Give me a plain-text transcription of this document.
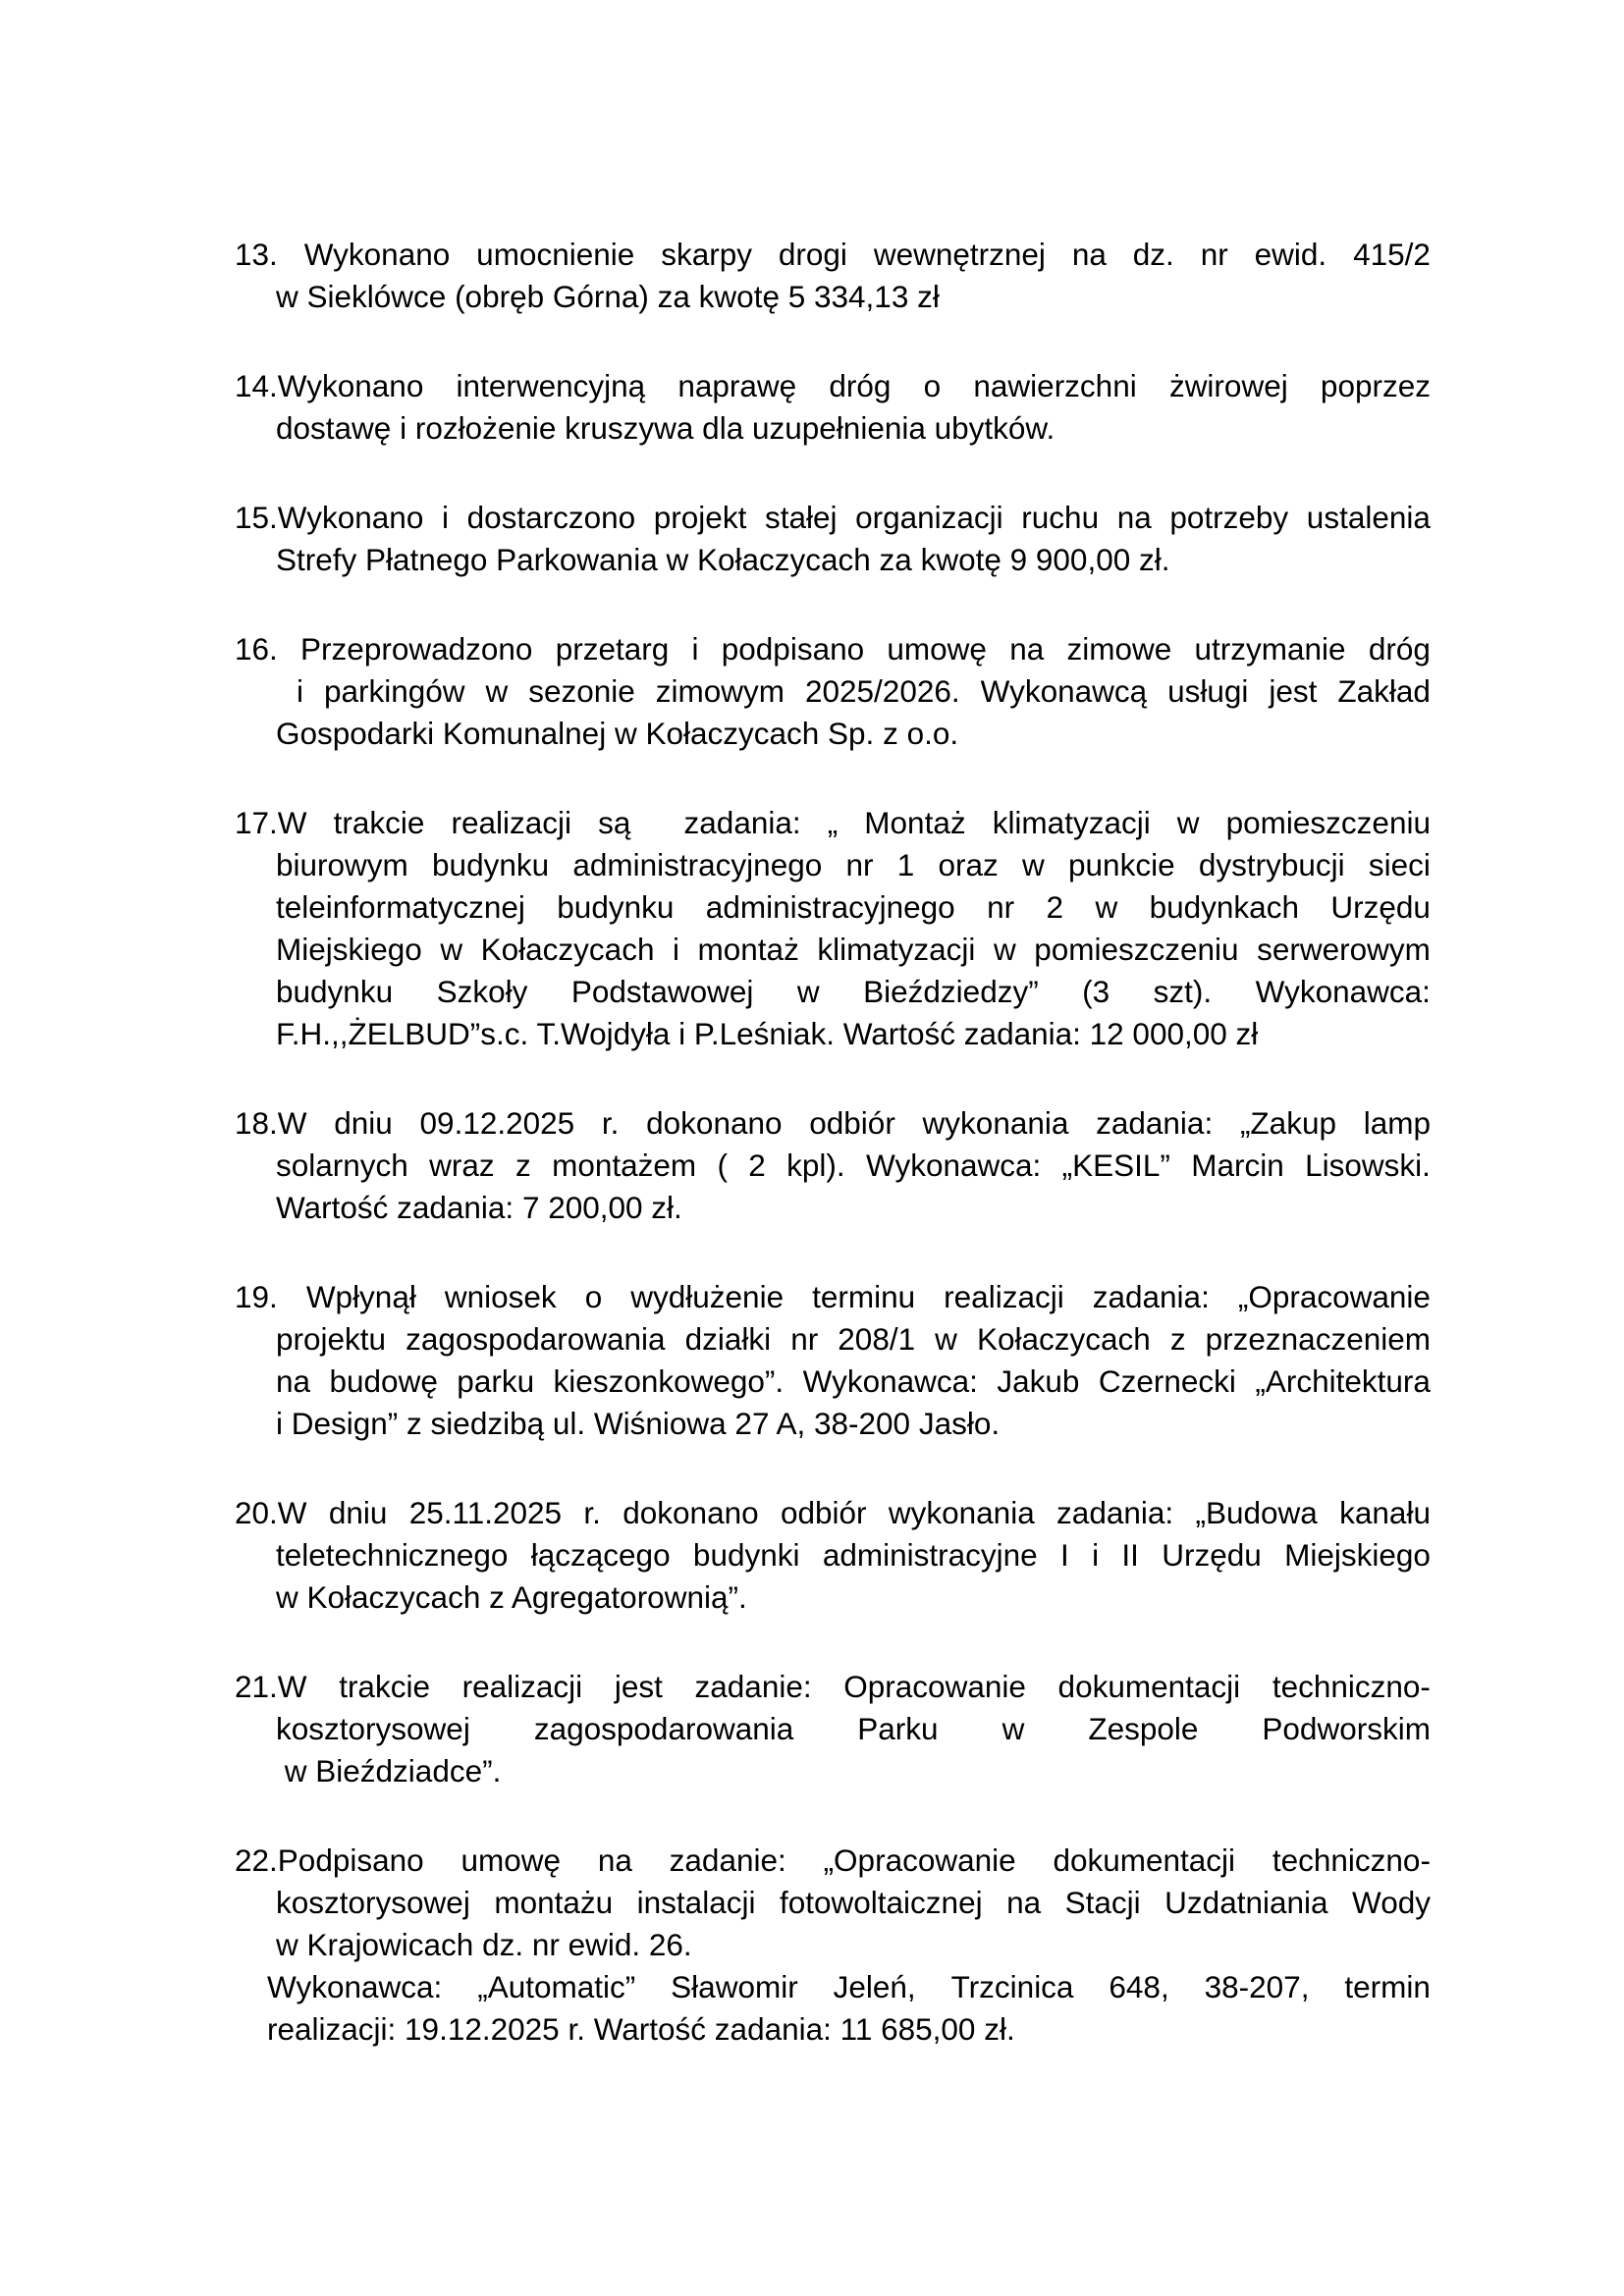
13. Wykonano umocnienie skarpy drogi wewnętrznej na dz. nr ewid. 415/2
w Sieklówce (obręb Górna) za kwotę 5 334,13 zł
14.Wykonano interwencyjną naprawę dróg o nawierzchni żwirowej poprzez
dostawę i rozłożenie kruszywa dla uzupełnienia ubytków.
15.Wykonano i dostarczono projekt stałej organizacji ruchu na potrzeby ustalenia
Strefy Płatnego Parkowania w Kołaczycach za kwotę 9 900,00 zł.
16. Przeprowadzono przetarg i podpisano umowę na zimowe utrzymanie dróg
i parkingów w sezonie zimowym 2025/2026. Wykonawcą usługi jest Zakład
Gospodarki Komunalnej w Kołaczycach Sp. z o.o.
17.W trakcie realizacji są zadania: „ Montaż klimatyzacji w pomieszczeniu
biurowym budynku administracyjnego nr 1 oraz w punkcie dystrybucji sieci
teleinformatycznej budynku administracyjnego nr 2 w budynkach Urzędu
Miejskiego w Kołaczycach i montaż klimatyzacji w pomieszczeniu serwerowym
budynku Szkoły Podstawowej w Bieździedzy” (3 szt). Wykonawca:
F.H.,,ŻELBUD”s.c. T.Wojdyła i P.Leśniak. Wartość zadania: 12 000,00 zł
18.W dniu 09.12.2025 r. dokonano odbiór wykonania zadania: „Zakup lamp
solarnych wraz z montażem ( 2 kpl). Wykonawca: „KESIL” Marcin Lisowski.
Wartość zadania: 7 200,00 zł.
19. Wpłynął wniosek o wydłużenie terminu realizacji zadania: „Opracowanie
projektu zagospodarowania działki nr 208/1 w Kołaczycach z przeznaczeniem
na budowę parku kieszonkowego”. Wykonawca: Jakub Czernecki „Architektura
i Design” z siedzibą ul. Wiśniowa 27 A, 38-200 Jasło.
20.W dniu 25.11.2025 r. dokonano odbiór wykonania zadania: „Budowa kanału
teletechnicznego łączącego budynki administracyjne I i II Urzędu Miejskiego
w Kołaczycach z Agregatorownią”.
21.W trakcie realizacji jest zadanie: Opracowanie dokumentacji techniczno-
kosztorysowej zagospodarowania Parku w Zespole Podworskim
w Bieździadce”.
22.Podpisano umowę na zadanie: „Opracowanie dokumentacji techniczno-
kosztorysowej montażu instalacji fotowoltaicznej na Stacji Uzdatniania Wody
w Krajowicach dz. nr ewid. 26.
Wykonawca: „Automatic” Sławomir Jeleń, Trzcinica 648, 38-207, termin
realizacji: 19.12.2025 r. Wartość zadania: 11 685,00 zł.
